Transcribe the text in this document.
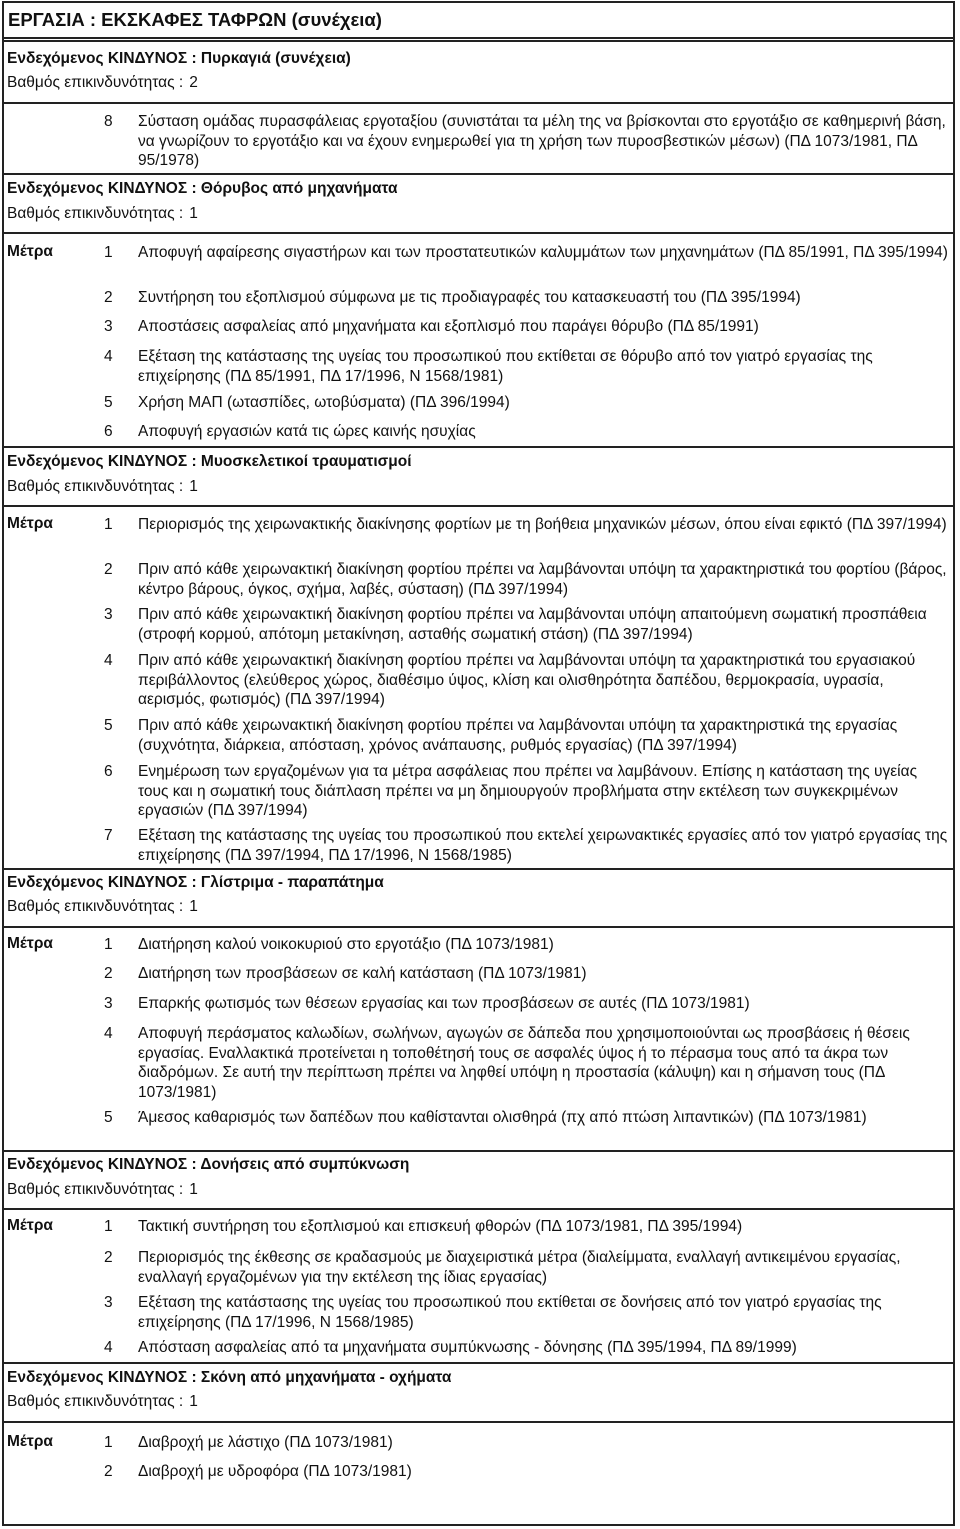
ΕΡΓΑΣΙΑ : ΕΚΣΚΑΦΕΣ ΤΑΦΡΩΝ (συνέχεια)
Ενδεχόμενος ΚΙΝΔΥΝΟΣ : Πυρκαγιά (συνέχεια)
Βαθμός επικινδυνότητας : 2
8	Σύσταση ομάδας πυρασφάλειας εργοταξίου (συνιστάται τα μέλη της να βρίσκονται στο εργοτάξιο σε καθημερινή βάση, να γνωρίζουν το εργοτάξιο και να έχουν ενημερωθεί για τη χρήση των πυροσβεστικών μέσων) (ΠΔ 1073/1981, ΠΔ 95/1978)
Ενδεχόμενος ΚΙΝΔΥΝΟΣ : Θόρυβος από μηχανήματα
Βαθμός επικινδυνότητας : 1
Μέτρα	1	Αποφυγή αφαίρεσης σιγαστήρων και των προστατευτικών καλυμμάτων των μηχανημάτων (ΠΔ 85/1991, ΠΔ 395/1994)
2	Συντήρηση του εξοπλισμού σύμφωνα με τις προδιαγραφές του κατασκευαστή του (ΠΔ 395/1994)
3	Αποστάσεις ασφαλείας από μηχανήματα και εξοπλισμό που παράγει θόρυβο (ΠΔ 85/1991)
4	Εξέταση της κατάστασης της υγείας του προσωπικού που εκτίθεται σε θόρυβο από τον γιατρό εργασίας της επιχείρησης (ΠΔ 85/1991, ΠΔ 17/1996, Ν 1568/1981)
5	Χρήση ΜΑΠ (ωτασπίδες, ωτοβύσματα) (ΠΔ 396/1994)
6	Αποφυγή εργασιών κατά τις ώρες καινής ησυχίας
Ενδεχόμενος ΚΙΝΔΥΝΟΣ : Μυοσκελετικοί τραυματισμοί
Βαθμός επικινδυνότητας : 1
Μέτρα	1	Περιορισμός της χειρωνακτικής διακίνησης φορτίων με τη βοήθεια μηχανικών μέσων, όπου είναι εφικτό (ΠΔ 397/1994)
2	Πριν από κάθε χειρωνακτική διακίνηση φορτίου πρέπει να λαμβάνονται υπόψη τα χαρακτηριστικά του φορτίου (βάρος, κέντρο βάρους, όγκος, σχήμα, λαβές, σύσταση) (ΠΔ 397/1994)
3	Πριν από κάθε χειρωνακτική διακίνηση φορτίου πρέπει να λαμβάνονται υπόψη απαιτούμενη σωματική προσπάθεια (στροφή κορμού, απότομη μετακίνηση, ασταθής σωματική στάση) (ΠΔ 397/1994)
4	Πριν από κάθε χειρωνακτική διακίνηση φορτίου πρέπει να λαμβάνονται υπόψη τα χαρακτηριστικά του εργασιακού περιβάλλοντος (ελεύθερος χώρος, διαθέσιμο ύψος, κλίση και ολισθηρότητα δαπέδου, θερμοκρασία, υγρασία, αερισμός, φωτισμός) (ΠΔ 397/1994)
5	Πριν από κάθε χειρωνακτική διακίνηση φορτίου πρέπει να λαμβάνονται υπόψη τα χαρακτηριστικά της εργασίας (συχνότητα, διάρκεια, απόσταση, χρόνος ανάπαυσης, ρυθμός εργασίας) (ΠΔ 397/1994)
6	Ενημέρωση των εργαζομένων για τα μέτρα ασφάλειας που πρέπει να λαμβάνουν. Επίσης η κατάσταση της υγείας τους και η σωματική τους διάπλαση πρέπει να μη δημιουργούν προβλήματα στην εκτέλεση των συγκεκριμένων εργασιών (ΠΔ 397/1994)
7	Εξέταση της κατάστασης της υγείας του προσωπικού που εκτελεί χειρωνακτικές εργασίες από τον γιατρό εργασίας της επιχείρησης (ΠΔ 397/1994, ΠΔ 17/1996, Ν 1568/1985)
Ενδεχόμενος ΚΙΝΔΥΝΟΣ : Γλίστριμα - παραπάτημα
Βαθμός επικινδυνότητας : 1
Μέτρα	1	Διατήρηση καλού νοικοκυριού στο εργοτάξιο (ΠΔ 1073/1981)
2	Διατήρηση των προσβάσεων σε καλή κατάσταση (ΠΔ 1073/1981)
3	Επαρκής φωτισμός των θέσεων εργασίας και των προσβάσεων σε αυτές (ΠΔ 1073/1981)
4	Αποφυγή περάσματος καλωδίων, σωλήνων, αγωγών σε δάπεδα που χρησιμοποιούνται ως προσβάσεις ή θέσεις εργασίας. Εναλλακτικά προτείνεται η τοποθέτησή τους σε ασφαλές ύψος ή το πέρασμα τους από τα άκρα των διαδρόμων. Σε αυτή την περίπτωση πρέπει να ληφθεί υπόψη η προστασία (κάλυψη) και η σήμανση τους (ΠΔ 1073/1981)
5	Άμεσος καθαρισμός των δαπέδων που καθίστανται ολισθηρά (πχ από πτώση λιπαντικών) (ΠΔ 1073/1981)
Ενδεχόμενος ΚΙΝΔΥΝΟΣ : Δονήσεις από συμπύκνωση
Βαθμός επικινδυνότητας : 1
Μέτρα	1	Τακτική συντήρηση του εξοπλισμού και επισκευή φθορών (ΠΔ 1073/1981, ΠΔ 395/1994)
2	Περιορισμός της έκθεσης σε κραδασμούς με διαχειριστικά μέτρα (διαλείμματα, εναλλαγή αντικειμένου εργασίας, εναλλαγή εργαζομένων για την εκτέλεση της ίδιας εργασίας)
3	Εξέταση της κατάστασης της υγείας του προσωπικού που εκτίθεται σε δονήσεις από τον γιατρό εργασίας της επιχείρησης (ΠΔ 17/1996, Ν 1568/1985)
4	Απόσταση ασφαλείας από τα μηχανήματα συμπύκνωσης - δόνησης (ΠΔ 395/1994, ΠΔ 89/1999)
Ενδεχόμενος ΚΙΝΔΥΝΟΣ : Σκόνη από μηχανήματα - οχήματα
Βαθμός επικινδυνότητας : 1
Μέτρα	1	Διαβροχή με λάστιχο (ΠΔ 1073/1981)
2	Διαβροχή με υδροφόρα (ΠΔ 1073/1981)
